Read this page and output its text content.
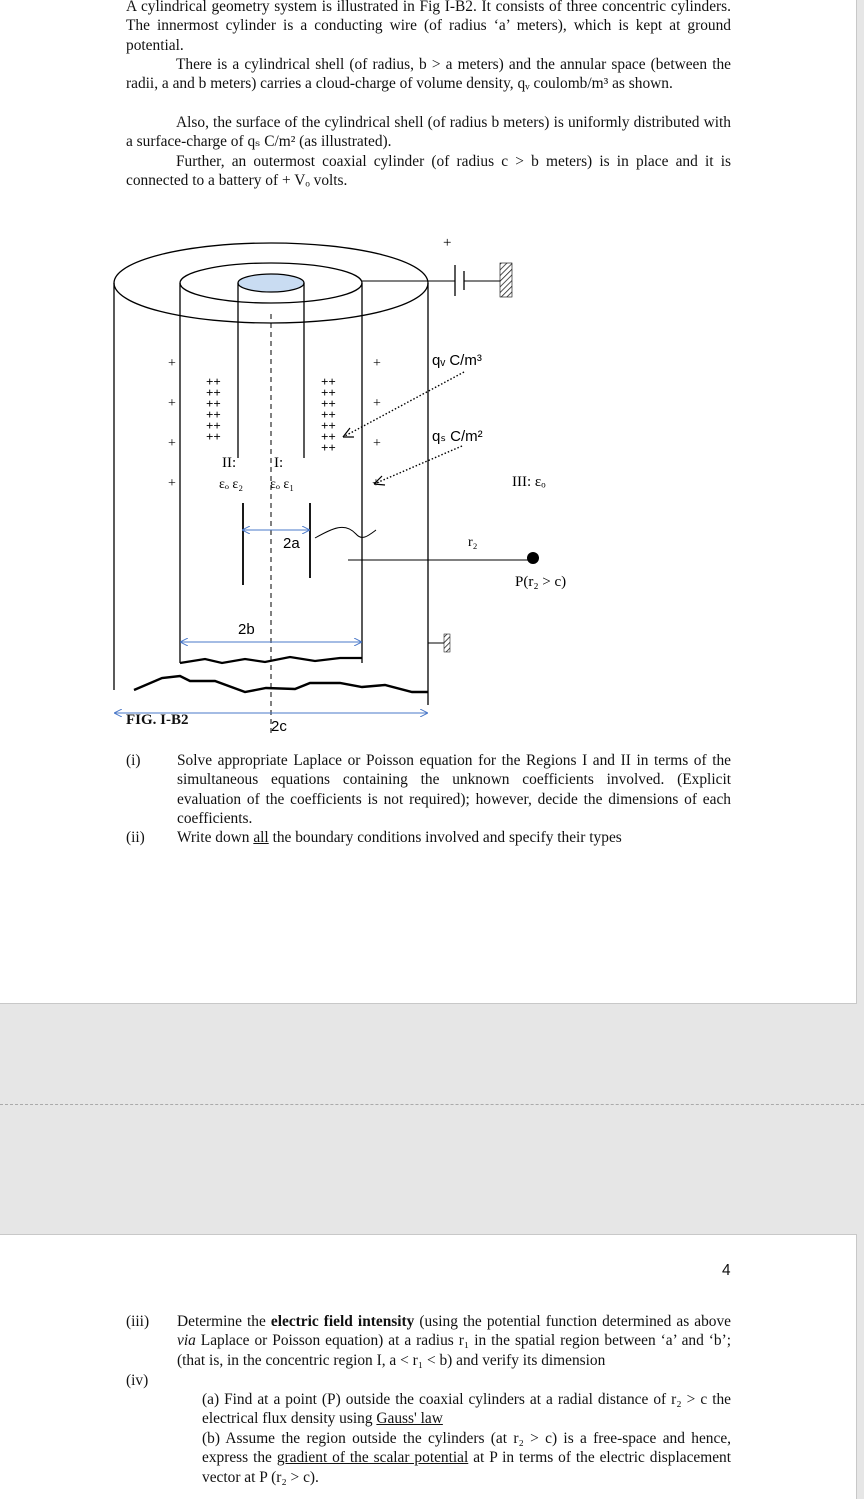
A cylindrical geometry system is illustrated in Fig I-B2. It consists of three concentric cylinders. The innermost cylinder is a conducting wire (of radius ‘a’ meters), which is kept at ground potential.
There is a cylindrical shell (of radius, b > a meters) and the annular space (between the radii, a and b meters) carries a cloud-charge of volume density, qᵥ coulomb/m³ as shown.
Also, the surface of the cylindrical shell (of radius b meters) is uniformly distributed with a surface-charge of qₛ C/m² (as illustrated).
Further, an outermost coaxial cylinder (of radius c > b meters) is in place and it is connected to a battery of + Vₒ volts.
+
+
+
+
+
+
+
+
+
++
++
++
++
++
++
++
++
++
++
++
++
++
qᵥ C/m³
qₛ C/m²
II:	I:
εₒ ε₂ εₒ ε₁	III: εₒ
2a
2b
2c
r₂
P(r₂ > c)
FIG. I-B2
(i) Solve appropriate Laplace or Poisson equation for the Regions I and II in terms of the simultaneous equations containing the unknown coefficients involved. (Explicit evaluation of the coefficients is not required); however, decide the dimensions of each coefficients.
(ii) Write down all the boundary conditions involved and specify their types
4
(iii) Determine the electric field intensity (using the potential function determined as above via Laplace or Poisson equation) at a radius r₁ in the spatial region between ‘a’ and ‘b’; (that is, in the concentric region I, a < r₁ < b) and verify its dimension
(iv)
(a) Find at a point (P) outside the coaxial cylinders at a radial distance of r₂ > c the electrical flux density using Gauss' law
(b) Assume the region outside the cylinders (at r₂ > c) is a free-space and hence, express the gradient of the scalar potential at P in terms of the electric displacement vector at P (r₂ > c).
